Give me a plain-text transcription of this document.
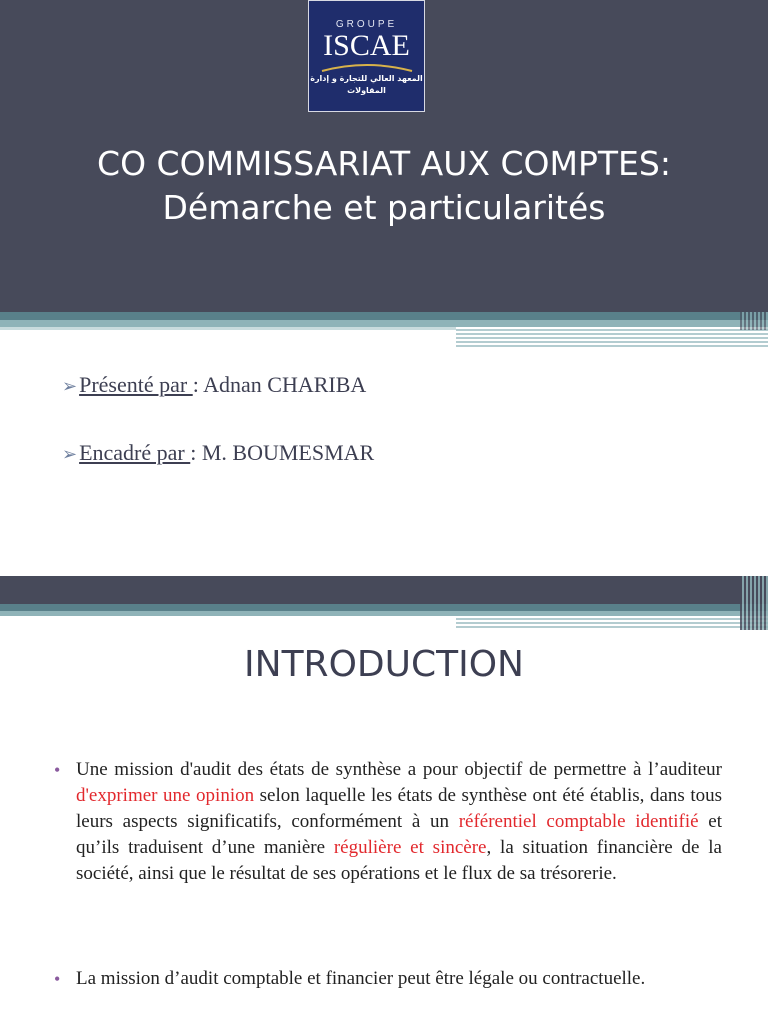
GROUPE
ISCAE
المعهد العالي للتجارة و إدارة المقاولات
CO COMMISSARIAT AUX COMPTES:
Démarche et particularités
➢Présenté par : Adnan CHARIBA
➢Encadré par : M. BOUMESMAR
INTRODUCTION
• Une mission d'audit des états de synthèse a pour objectif de permettre à l’auditeur d'exprimer une opinion selon laquelle les états de synthèse ont été établis, dans tous leurs aspects significatifs, conformément à un référentiel comptable identifié et qu’ils traduisent d’une manière régulière et sincère, la situation financière de la société, ainsi que le résultat de ses opérations et le flux de sa trésorerie.
• La mission d’audit comptable et financier peut être légale ou contractuelle.
